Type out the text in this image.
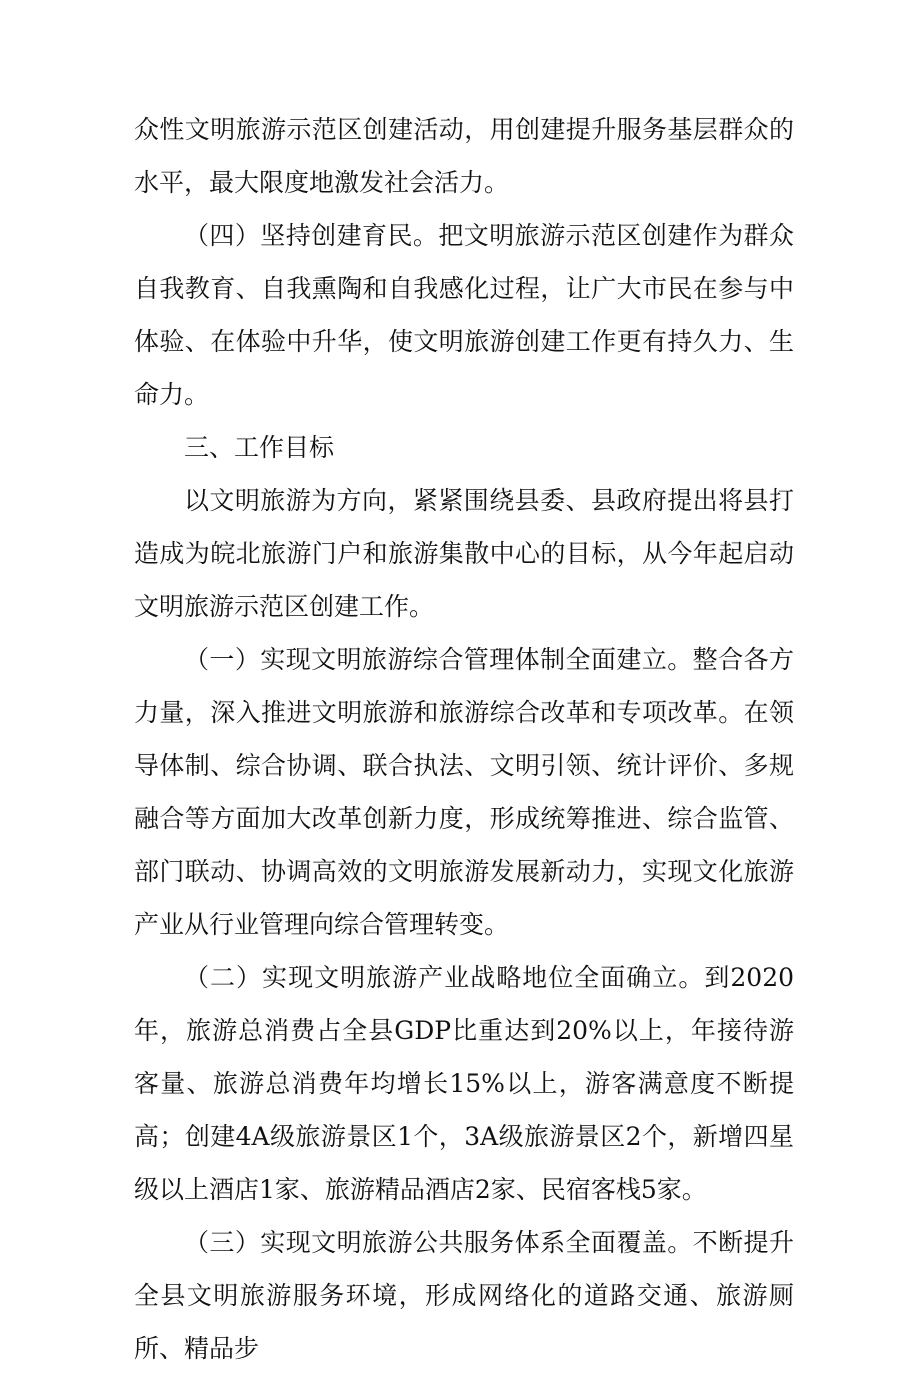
众性文明旅游示范区创建活动，用创建提升服务基层群众的水平，最大限度地激发社会活力。

（四）坚持创建育民。把文明旅游示范区创建作为群众自我教育、自我熏陶和自我感化过程，让广大市民在参与中体验、在体验中升华，使文明旅游创建工作更有持久力、生命力。

三、工作目标

以文明旅游为方向，紧紧围绕县委、县政府提出将县打造成为皖北旅游门户和旅游集散中心的目标，从今年起启动文明旅游示范区创建工作。

（一）实现文明旅游综合管理体制全面建立。整合各方力量，深入推进文明旅游和旅游综合改革和专项改革。在领导体制、综合协调、联合执法、文明引领、统计评价、多规融合等方面加大改革创新力度，形成统筹推进、综合监管、部门联动、协调高效的文明旅游发展新动力，实现文化旅游产业从行业管理向综合管理转变。

（二）实现文明旅游产业战略地位全面确立。到2020年，旅游总消费占全县GDP比重达到20%以上，年接待游客量、旅游总消费年均增长15%以上，游客满意度不断提高；创建4A级旅游景区1个，3A级旅游景区2个，新增四星级以上酒店1家、旅游精品酒店2家、民宿客栈5家。

（三）实现文明旅游公共服务体系全面覆盖。不断提升全县文明旅游服务环境，形成网络化的道路交通、旅游厕所、精品步
